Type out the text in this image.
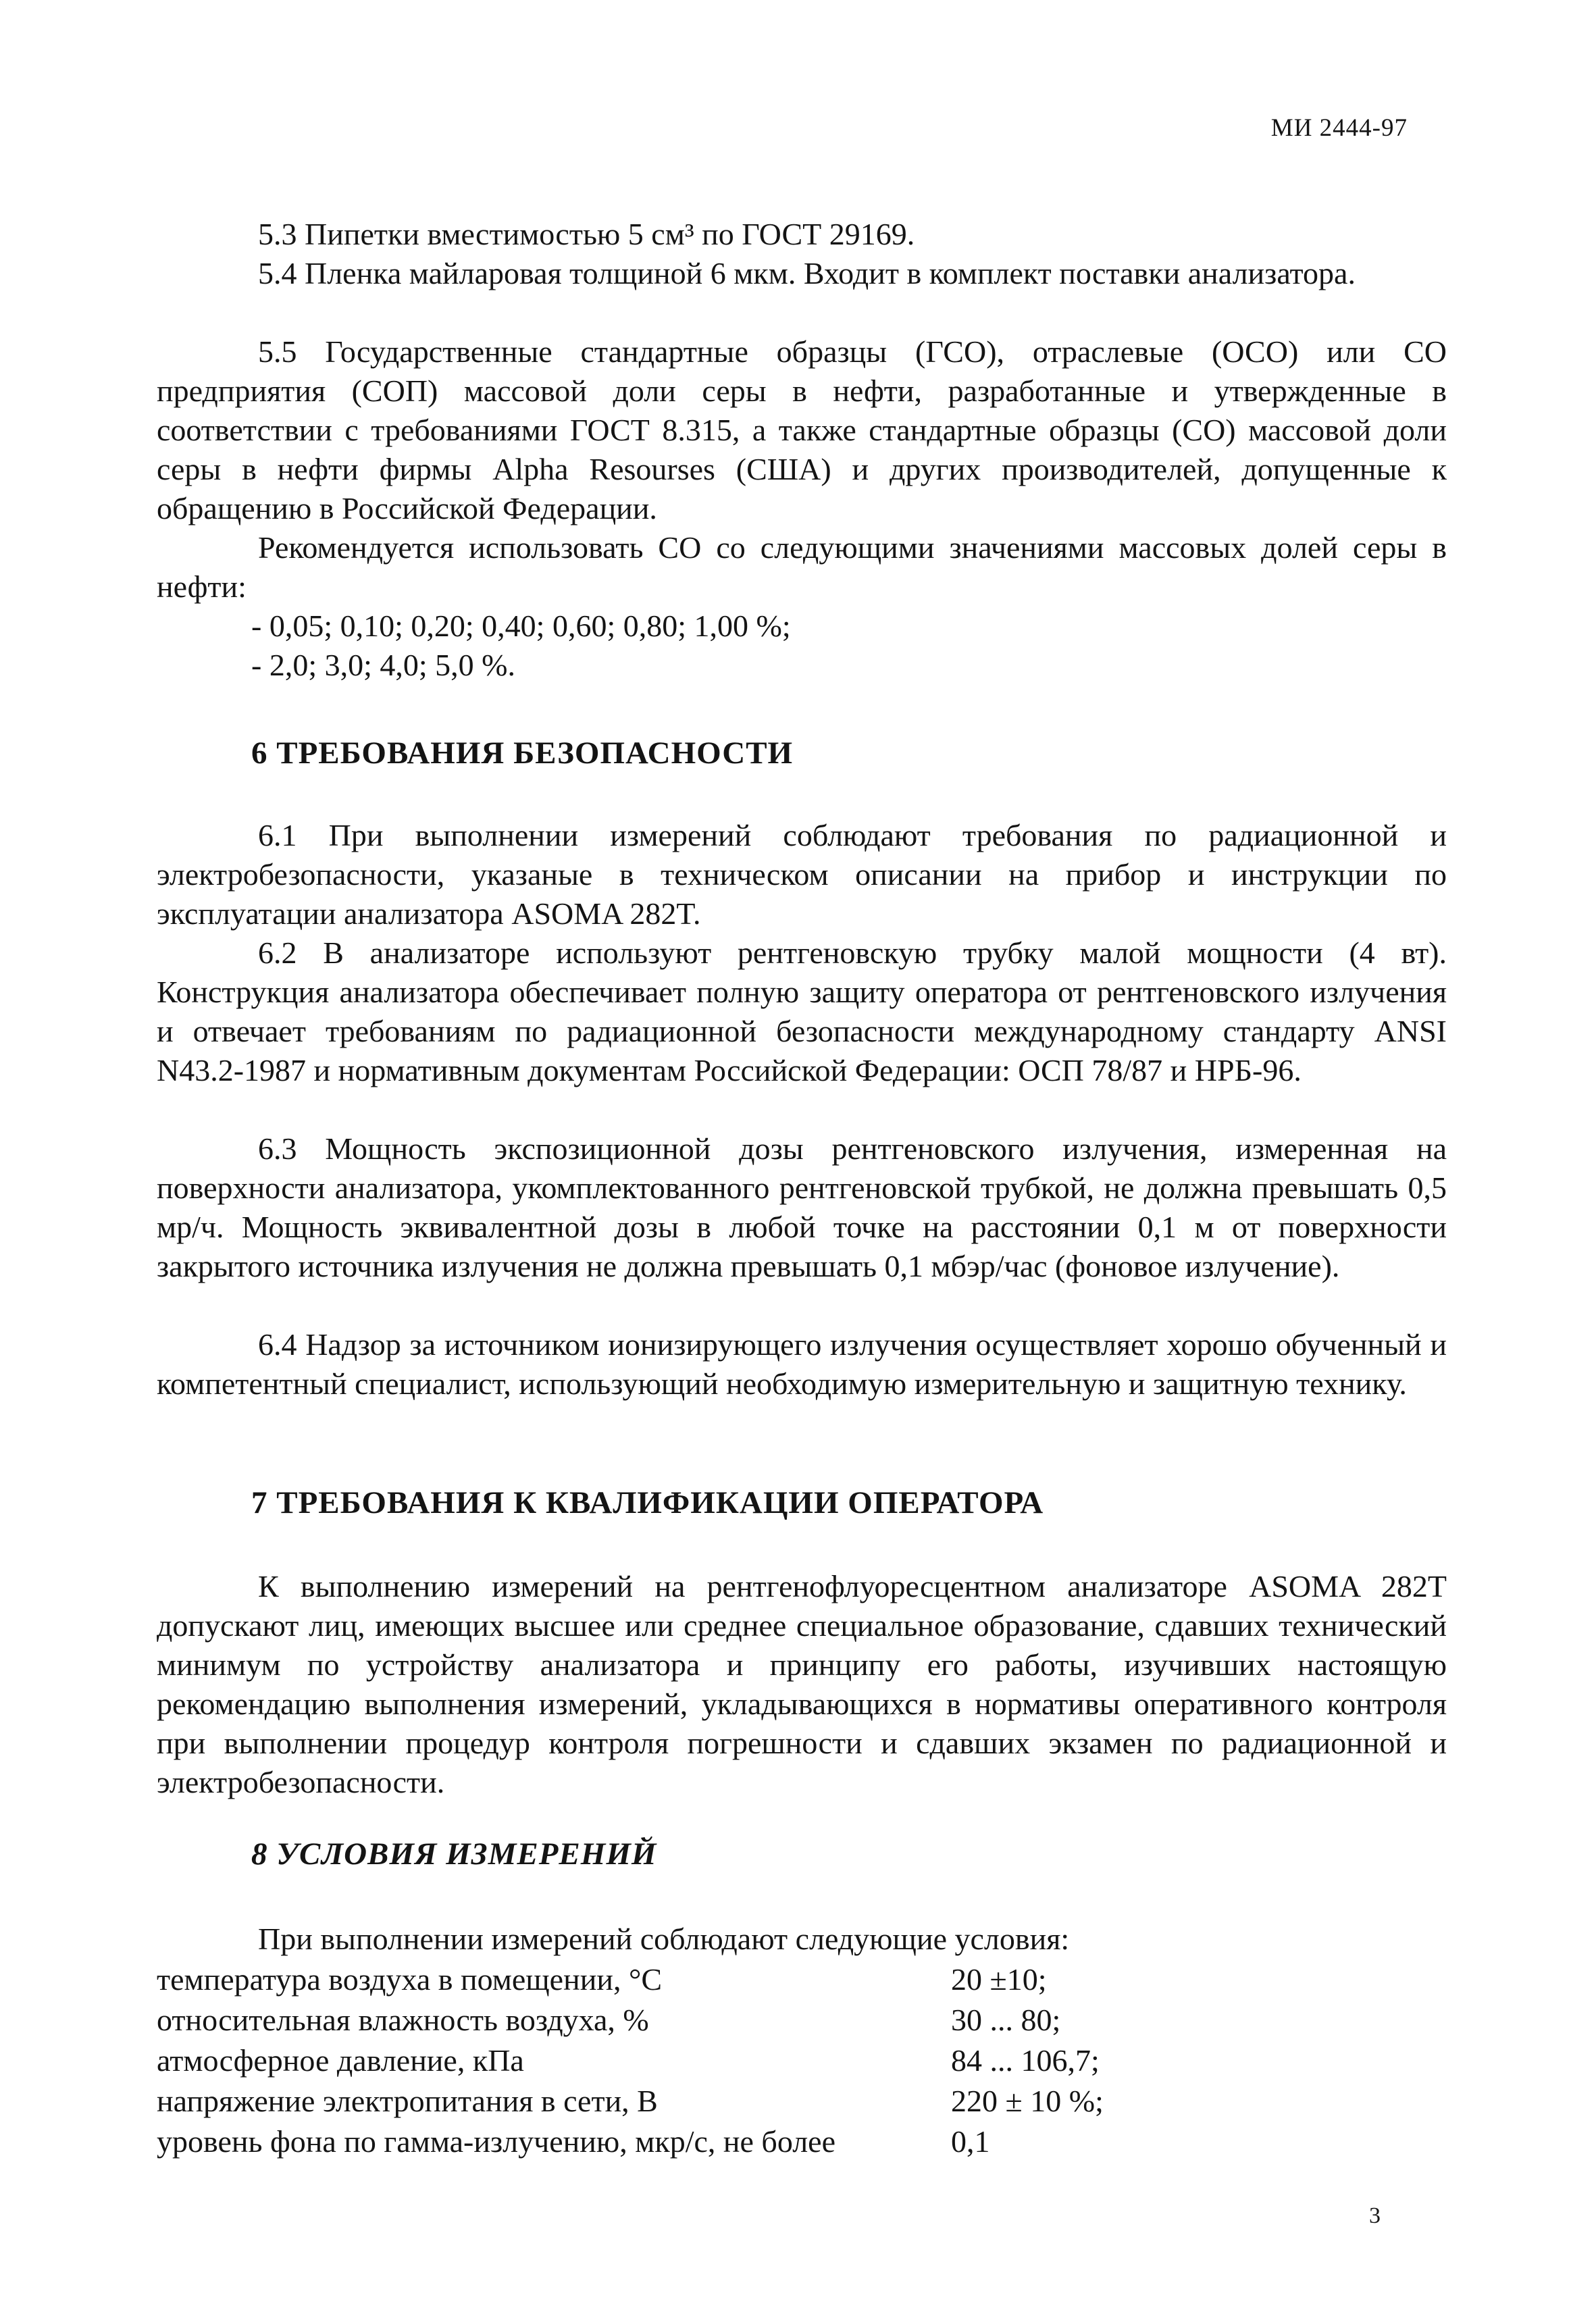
МИ 2444-97

5.3 Пипетки вместимостью 5 см³ по ГОСТ 29169.

5.4 Пленка майларовая толщиной 6 мкм. Входит в комплект поставки анализатора.

5.5 Государственные стандартные образцы (ГСО), отраслевые (ОСО) или СО предприятия (СОП) массовой доли серы в нефти, разработанные и утвержденные в соответствии с требованиями ГОСТ 8.315, а также стандартные образцы (СО) массовой доли серы в нефти фирмы Alpha Resourses (США) и других производителей, допущенные к обращению в Российской Федерации.

Рекомендуется использовать СО со следующими значениями массовых долей серы в нефти:

- 0,05; 0,10; 0,20; 0,40; 0,60; 0,80; 1,00 %;

- 2,0; 3,0; 4,0; 5,0 %.

6 ТРЕБОВАНИЯ БЕЗОПАСНОСТИ

6.1 При выполнении измерений соблюдают требования по радиационной и электробезопасности, указаные в техническом описании на прибор и инструкции по эксплуатации анализатора ASOMA 282T.

6.2 В анализаторе используют рентгеновскую трубку малой мощности (4 вт). Конструкция анализатора обеспечивает полную защиту оператора от рентгеновского излучения и отвечает требованиям по радиационной безопасности международному стандарту ANSI N43.2-1987 и нормативным документам Российской Федерации: ОСП 78/87 и НРБ-96.

6.3 Мощность экспозиционной дозы рентгеновского излучения, измеренная на поверхности анализатора, укомплектованного рентгеновской трубкой, не должна превышать 0,5 мр/ч. Мощность эквивалентной дозы в любой точке на расстоянии 0,1 м от поверхности закрытого источника излучения не должна превышать 0,1 мбэр/час (фоновое излучение).

6.4 Надзор за источником ионизирующего излучения осуществляет хорошо обученный и компетентный специалист, использующий необходимую измерительную и защитную технику.

7 ТРЕБОВАНИЯ К КВАЛИФИКАЦИИ ОПЕРАТОРА

К выполнению измерений на рентгенофлуоресцентном анализаторе ASOMA 282T допускают лиц, имеющих высшее или среднее специальное образование, сдавших технический минимум по устройству анализатора и принципу его работы, изучивших настоящую рекомендацию выполнения измерений, укладывающихся в нормативы оперативного контроля при выполнении процедур контроля погрешности и сдавших экзамен по радиационной и электробезопасности.

8 УСЛОВИЯ ИЗМЕРЕНИЙ

При выполнении измерений соблюдают следующие условия:

температура воздуха в помещении, °С	20 ±10;
относительная влажность воздуха, %	30 ... 80;
атмосферное давление, кПа	84 ... 106,7;
напряжение электропитания в сети, В	220 ± 10 %;
уровень фона по гамма-излучению, мкр/с, не более	0,1
3
